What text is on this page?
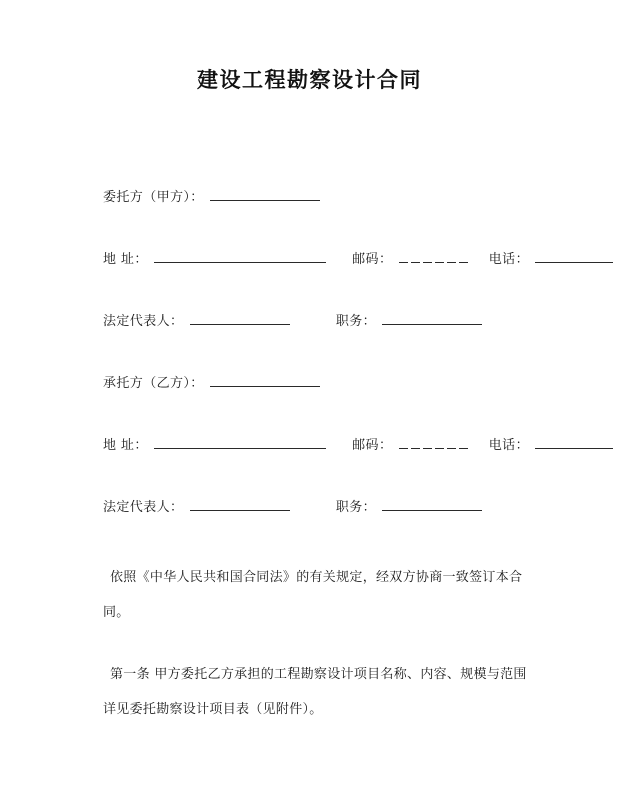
建设工程勘察设计合同
委托方（甲方）：
地 址：	邮码：	电话：
法定代表人：	职务：
承托方（乙方）：
地 址：	邮码：	电话：
法定代表人：	职务：

依照《中华人民共和国合同法》的有关规定，经双方协商一致签订本合同。

第一条 甲方委托乙方承担的工程勘察设计项目名称、内容、规模与范围详见委托勘察设计项目表（见附件）。
